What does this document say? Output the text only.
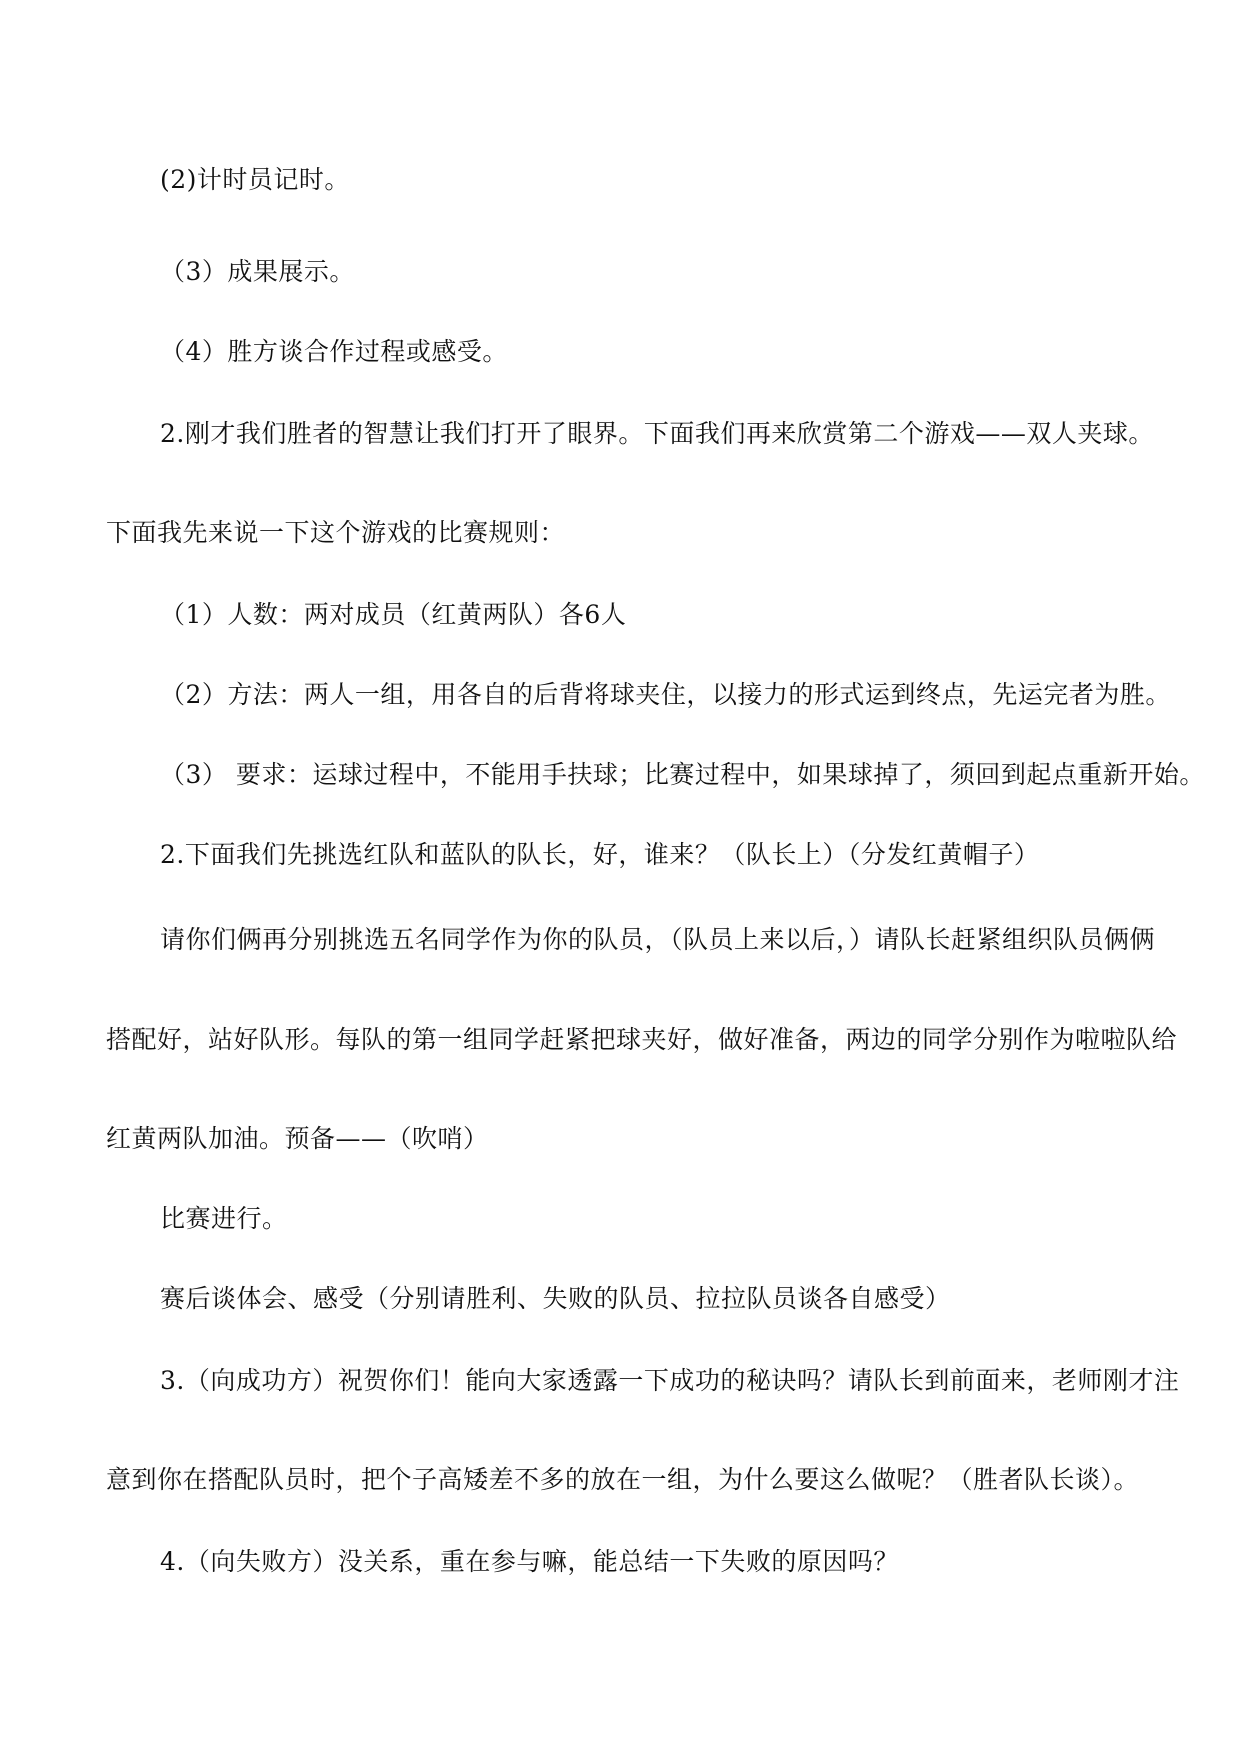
(2)计时员记时。
（3）成果展示。
（4）胜方谈合作过程或感受。
2.刚才我们胜者的智慧让我们打开了眼界。下面我们再来欣赏第二个游戏——双人夹球。
下面我先来说一下这个游戏的比赛规则：
（1）人数：两对成员（红黄两队）各6人
（2）方法：两人一组，用各自的后背将球夹住，以接力的形式运到终点，先运完者为胜。
（3） 要求：运球过程中，不能用手扶球；比赛过程中，如果球掉了，须回到起点重新开始。
2.下面我们先挑选红队和蓝队的队长，好，谁来？（队长上）（分发红黄帽子）
请你们俩再分别挑选五名同学作为你的队员，（队员上来以后，）请队长赶紧组织队员俩俩
搭配好，站好队形。每队的第一组同学赶紧把球夹好，做好准备，两边的同学分别作为啦啦队给
红黄两队加油。预备——（吹哨）
比赛进行。
赛后谈体会、感受（分别请胜利、失败的队员、拉拉队员谈各自感受）
3.（向成功方）祝贺你们！能向大家透露一下成功的秘诀吗？请队长到前面来，老师刚才注
意到你在搭配队员时，把个子高矮差不多的放在一组，为什么要这么做呢？（胜者队长谈）。
4.（向失败方）没关系，重在参与嘛，能总结一下失败的原因吗？
